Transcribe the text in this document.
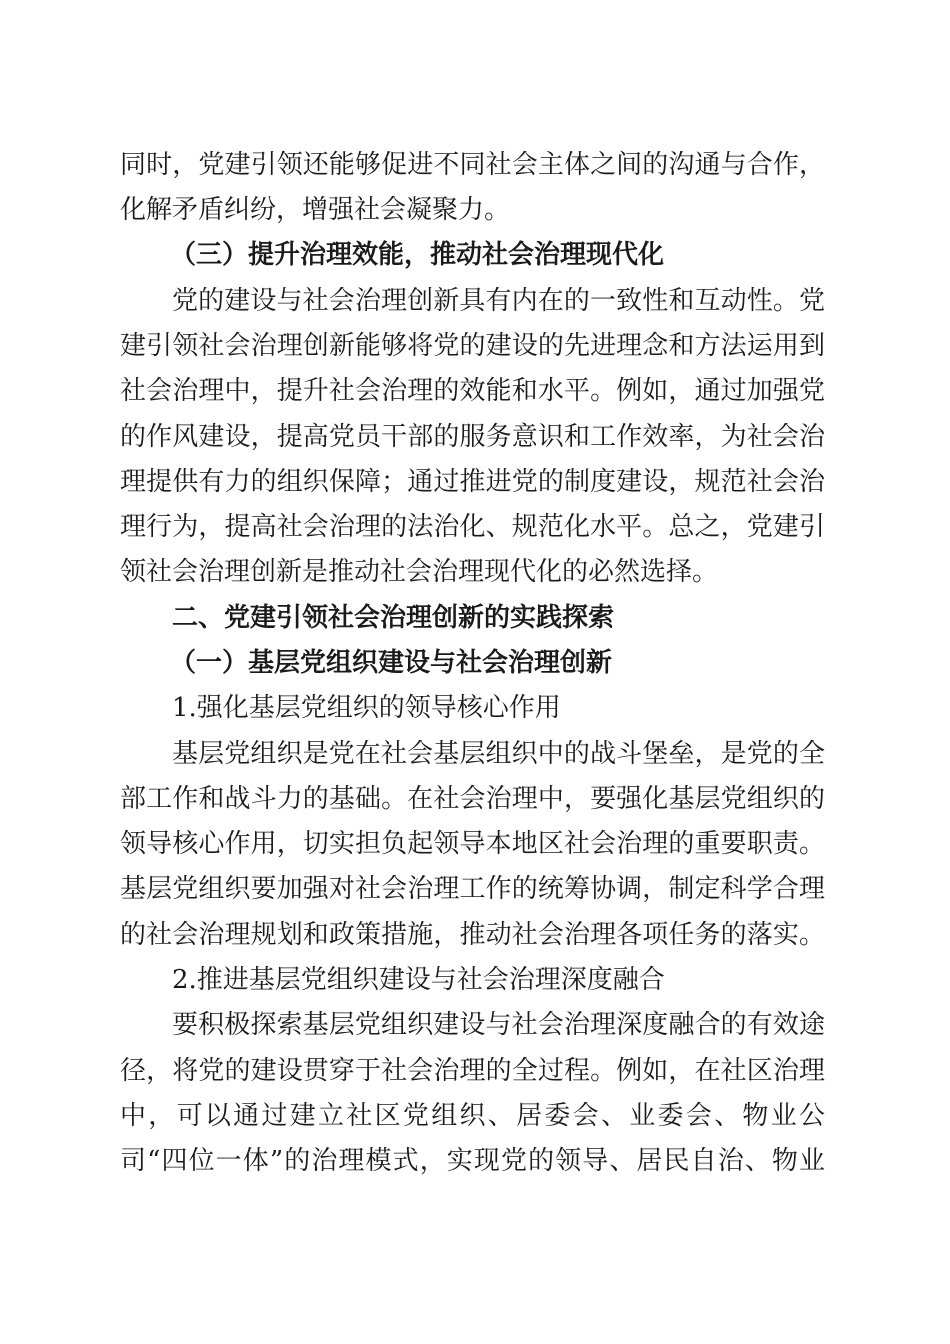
同时，党建引领还能够促进不同社会主体之间的沟通与合作，
化解矛盾纠纷，增强社会凝聚力。
（三）提升治理效能，推动社会治理现代化
党的建设与社会治理创新具有内在的一致性和互动性。党
建引领社会治理创新能够将党的建设的先进理念和方法运用到
社会治理中，提升社会治理的效能和水平。例如，通过加强党
的作风建设，提高党员干部的服务意识和工作效率，为社会治
理提供有力的组织保障；通过推进党的制度建设，规范社会治
理行为，提高社会治理的法治化、规范化水平。总之，党建引
领社会治理创新是推动社会治理现代化的必然选择。
二、党建引领社会治理创新的实践探索
（一）基层党组织建设与社会治理创新
1.强化基层党组织的领导核心作用
基层党组织是党在社会基层组织中的战斗堡垒，是党的全
部工作和战斗力的基础。在社会治理中，要强化基层党组织的
领导核心作用，切实担负起领导本地区社会治理的重要职责。
基层党组织要加强对社会治理工作的统筹协调，制定科学合理
的社会治理规划和政策措施，推动社会治理各项任务的落实。
2.推进基层党组织建设与社会治理深度融合
要积极探索基层党组织建设与社会治理深度融合的有效途
径，将党的建设贯穿于社会治理的全过程。例如，在社区治理
中，可以通过建立社区党组织、居委会、业委会、物业公
司“四位一体”的治理模式，实现党的领导、居民自治、物业
